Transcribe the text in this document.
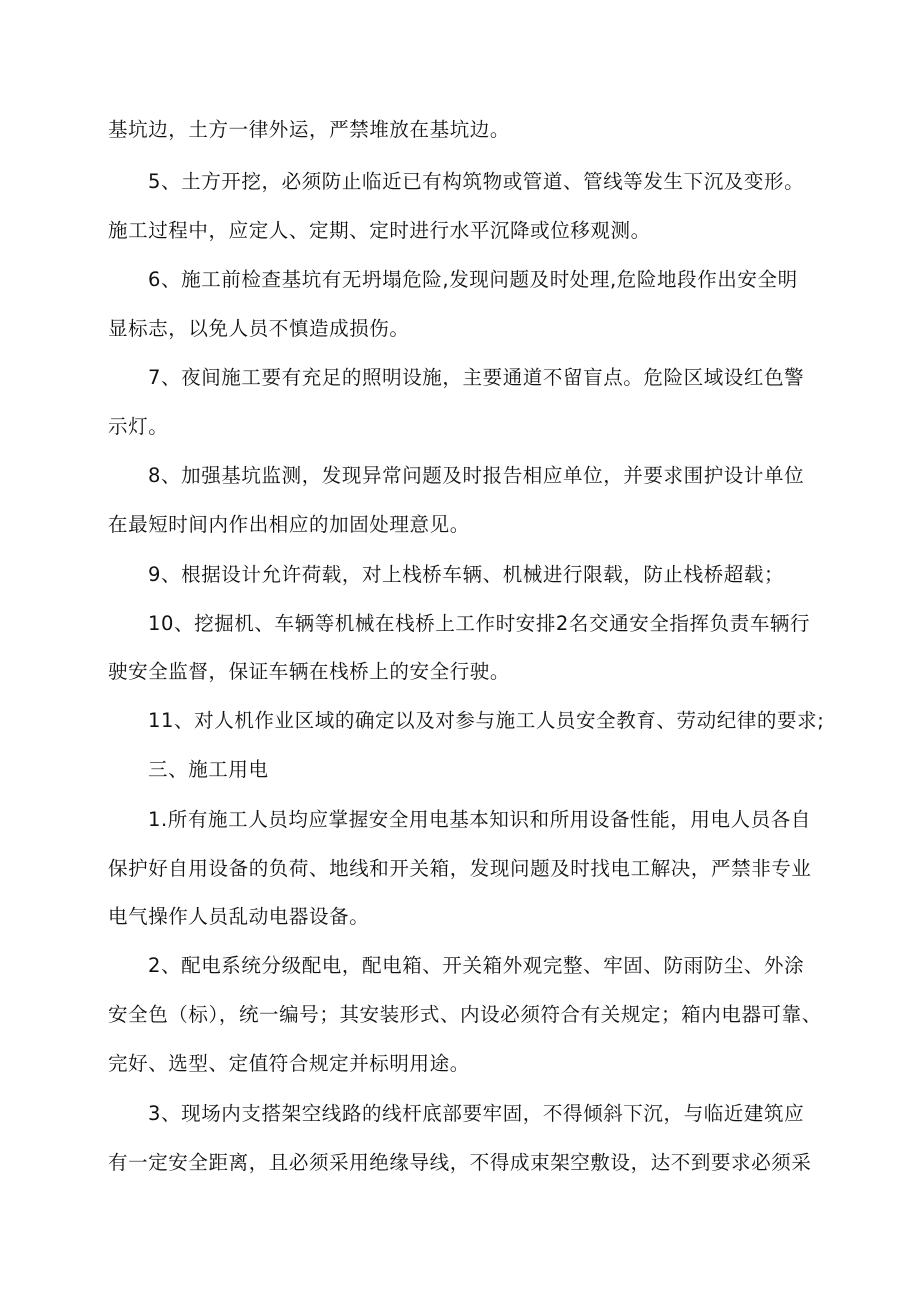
基坑边，土方一律外运，严禁堆放在基坑边。
5、土方开挖，必须防止临近已有构筑物或管道、管线等发生下沉及变形。
施工过程中，应定人、定期、定时进行水平沉降或位移观测。
6、施工前检查基坑有无坍塌危险,发现问题及时处理,危险地段作出安全明
显标志，以免人员不慎造成损伤。
7、夜间施工要有充足的照明设施，主要通道不留盲点。危险区域设红色警
示灯。
8、加强基坑监测，发现异常问题及时报告相应单位，并要求围护设计单位
在最短时间内作出相应的加固处理意见。
9、根据设计允许荷载，对上栈桥车辆、机械进行限载，防止栈桥超载；
10、挖掘机、车辆等机械在栈桥上工作时安排2名交通安全指挥负责车辆行
驶安全监督，保证车辆在栈桥上的安全行驶。
11、对人机作业区域的确定以及对参与施工人员安全教育、劳动纪律的要求;
三、施工用电
1.所有施工人员均应掌握安全用电基本知识和所用设备性能，用电人员各自
保护好自用设备的负荷、地线和开关箱，发现问题及时找电工解决，严禁非专业
电气操作人员乱动电器设备。
2、配电系统分级配电，配电箱、开关箱外观完整、牢固、防雨防尘、外涂
安全色（标），统一编号；其安装形式、内设必须符合有关规定；箱内电器可靠、
完好、选型、定值符合规定并标明用途。
3、现场内支搭架空线路的线杆底部要牢固，不得倾斜下沉，与临近建筑应
有一定安全距离，且必须采用绝缘导线，不得成束架空敷设，达不到要求必须采
